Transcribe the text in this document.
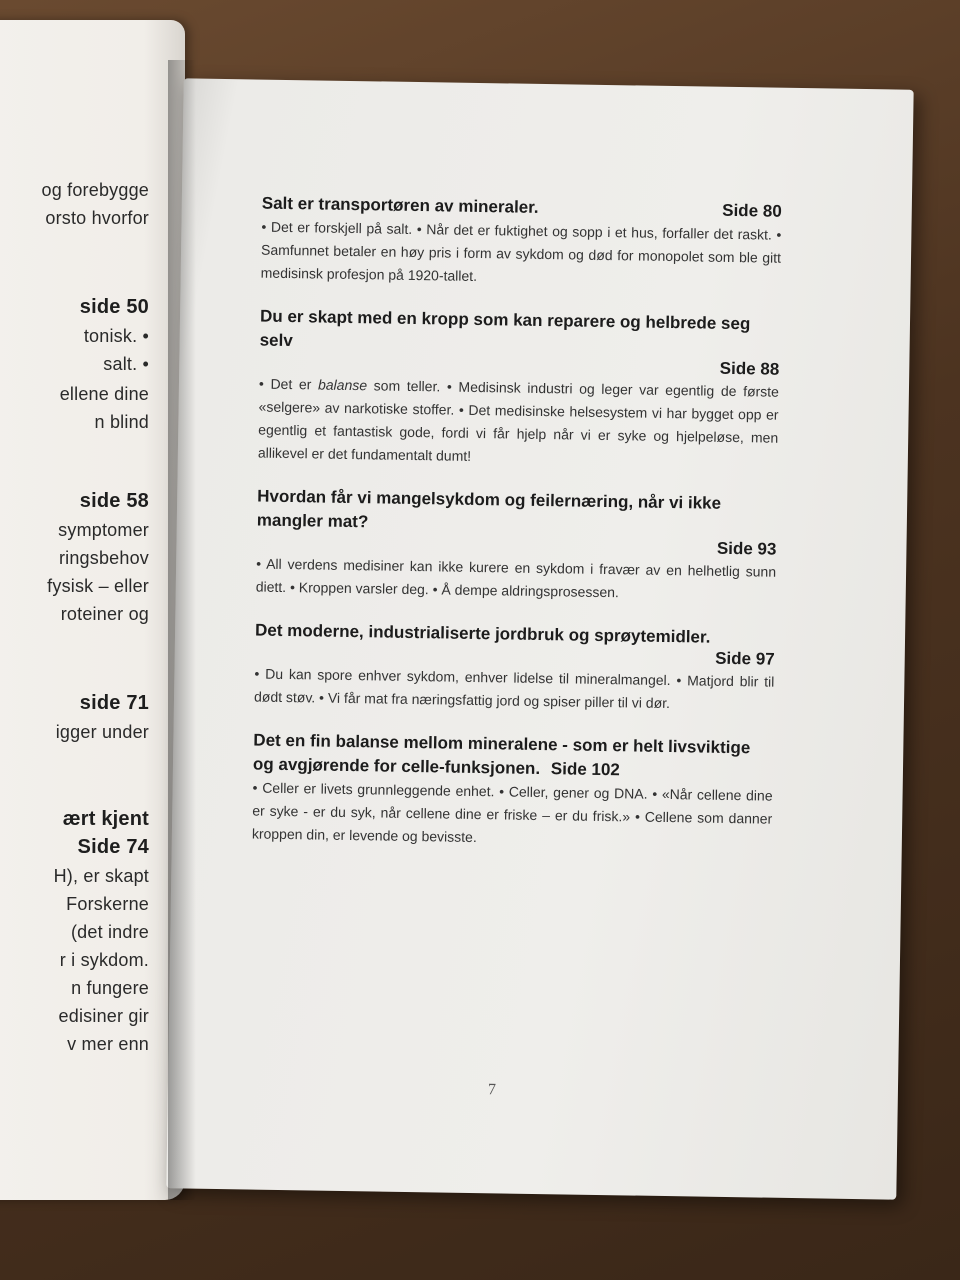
og forebygge
orsto hvorfor
side 50
tonisk. •
salt. •
ellene dine
n blind
side 58
symptomer
ringsbehov
fysisk – eller
roteiner og
side 71
igger under
ært kjent
Side 74
H), er skapt
Forskerne
(det indre
r i sykdom.
n fungere
edisiner gir
v mer enn
Side 80
Salt er transportøren av mineraler.
• Det er forskjell på salt. • Når det er fuktighet og sopp i et hus, forfaller det raskt. • Samfunnet betaler en høy pris i form av sykdom og død for monopolet som ble gitt medisinsk profesjon på 1920-tallet.
Du er skapt med en kropp som kan reparere og helbrede seg selv
Side 88
• Det er balanse som teller. • Medisinsk industri og leger var egentlig de første «selgere» av narkotiske stoffer. • Det medisinske helsesystem vi har bygget opp er egentlig et fantastisk gode, fordi vi får hjelp når vi er syke og hjelpeløse, men allikevel er det fundamentalt dumt!
Hvordan får vi mangelsykdom og feilernæring, når vi ikke mangler mat?
Side 93
• All verdens medisiner kan ikke kurere en sykdom i fravær av en helhetlig sunn diett. • Kroppen varsler deg. • Å dempe aldringsprosessen.
Det moderne, industrialiserte jordbruk og sprøytemidler.
Side 97
• Du kan spore enhver sykdom, enhver lidelse til mineralmangel. • Matjord blir til dødt støv. • Vi får mat fra næringsfattig jord og spiser piller til vi dør.
Det en fin balanse mellom mineralene - som er helt livsviktige og avgjørende for celle-funksjonen. Side 102
• Celler er livets grunnleggende enhet. • Celler, gener og DNA. • «Når cellene dine er syke - er du syk, når cellene dine er friske – er du frisk.» • Cellene som danner kroppen din, er levende og bevisste.
7
